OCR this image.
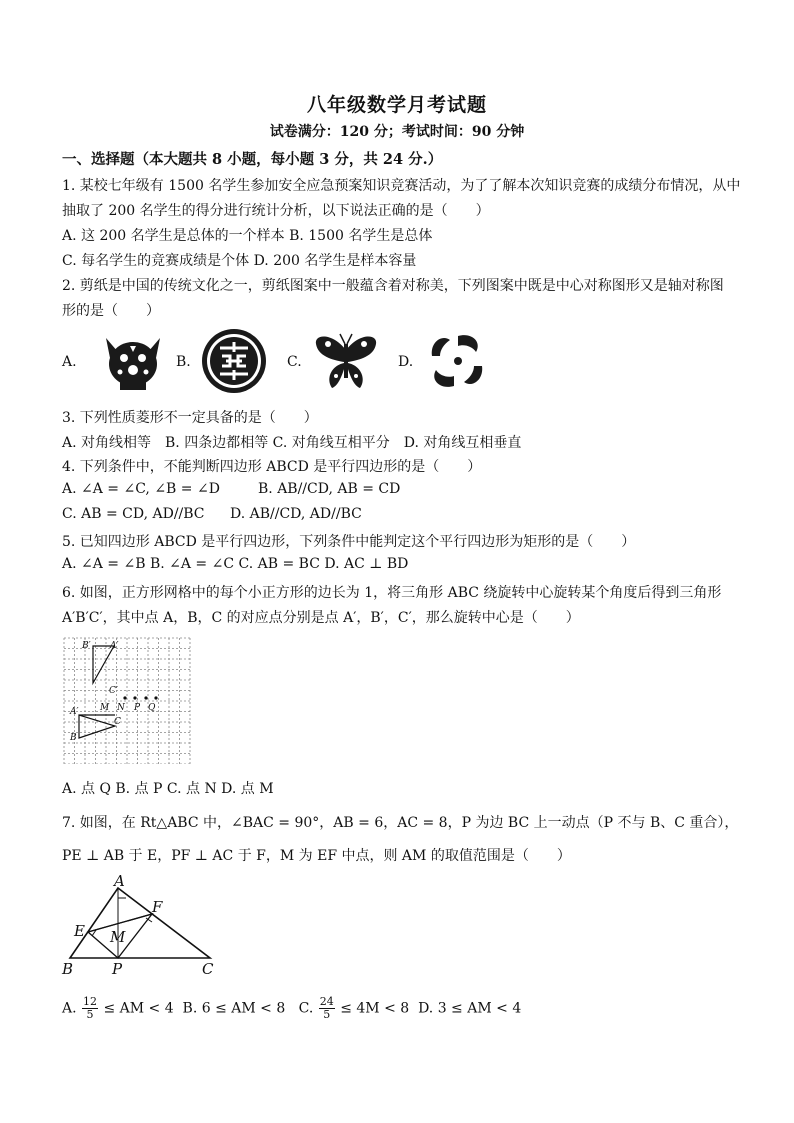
八年级数学月考试题
试卷满分：120 分；考试时间：90 分钟
一、选择题（本大题共 8 小题，每小题 3 分，共 24 分.）
1. 某校七年级有 1500 名学生参加安全应急预案知识竞赛活动，为了了解本次知识竞赛的成绩分布情况，从中
抽取了 200 名学生的得分进行统计分析，以下说法正确的是（　　）
A. 这 200 名学生是总体的一个样本 B. 1500 名学生是总体
C. 每名学生的竞赛成绩是个体 D. 200 名学生是样本容量
2. 剪纸是中国的传统文化之一，剪纸图案中一般蕴含着对称美，下列图案中既是中心对称图形又是轴对称图
形的是（　　）
A.	B.	C.	D.
3. 下列性质菱形不一定具备的是（　　）
A. 对角线相等　B. 四条边都相等 C. 对角线互相平分　D. 对角线互相垂直
4. 下列条件中，不能判断四边形 ABCD 是平行四边形的是（　　）
A. ∠A = ∠C, ∠B = ∠D	B. AB//CD, AB = CD
C. AB = CD, AD//BC D. AB//CD, AD//BC
5. 已知四边形 ABCD 是平行四边形，下列条件中能判定这个平行四边形为矩形的是（　　）
A. ∠A = ∠B B. ∠A = ∠C C. AB = BC D. AC ⊥ BD
6. 如图，正方形网格中的每个小正方形的边长为 1，将三角形 ABC 绕旋转中心旋转某个角度后得到三角形
A′B′C′，其中点 A，B，C 的对应点分别是点 A′，B′，C′，那么旋转中心是（　　）
B′ A′
C′
A′ M N P Q
C
B
A. 点 Q B. 点 P C. 点 N D. 点 M
7. 如图，在 Rt△ABC 中，∠BAC = 90°，AB = 6，AC = 8，P 为边 BC 上一动点（P 不与 B、C 重合），
PE ⊥ AB 于 E，PF ⊥ AC 于 F，M 为 EF 中点，则 AM 的取值范围是（　　）
A
F
E M
B	P	C
A. $\frac{12}{5}$ ≤ AM < 4 B. 6 ≤ AM < 8 C. $\frac{24}{5} \le 4M < 8$ D. 3 ≤ AM < 4
